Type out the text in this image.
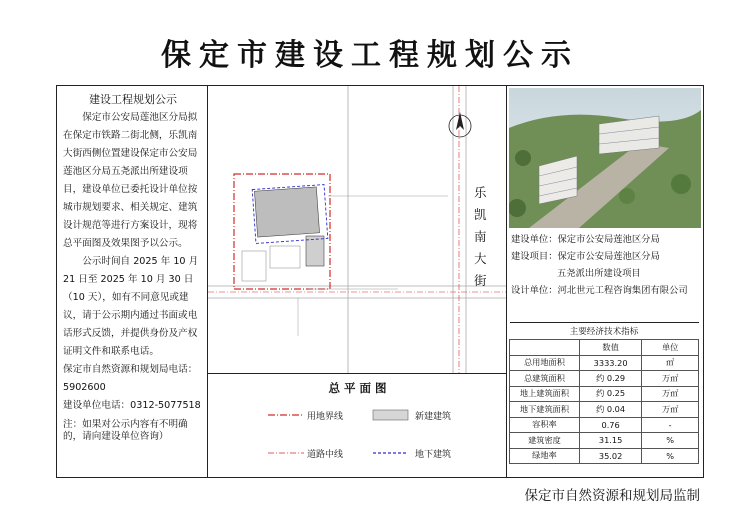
保定市建设工程规划公示
建设工程规划公示

保定市公安局莲池区分局拟在保定市铁路二街北侧，乐凯南大街西侧位置建设保定市公安局莲池区分局五尧派出所建设项目，建设单位已委托设计单位按城市规划要求、相关规定、建筑设计规范等进行方案设计，现将总平面图及效果图予以公示。

公示时间自 2025 年 10 月 21 日至 2025 年 10 月 30 日（10 天），如有不同意见或建议，请于公示期内通过书面或电话形式反馈，并提供身份及产权证明文件和联系电话。

保定市自然资源和规划局电话：

5902600

建设单位电话：0312-5077518

注：如果对公示内容有不明确的，请向建设单位咨询）

乐凯南大街
总 平 面 图
用地界线	新建建筑
道路中线	地下建筑
建设单位：保定市公安局莲池区分局
建设项目：保定市公安局莲池区分局
五尧派出所建设项目
设计单位：河北世元工程咨询集团有限公司
主要经济技术指标		
	数值	单位
总用地面积	3333.20	㎡
总建筑面积	约 0.29	万㎡
地上建筑面积	约 0.25	万㎡
地下建筑面积	约 0.04	万㎡
容积率	0.76	-
建筑密度	31.15	%
绿地率	35.02	%
保定市自然资源和规划局监制
